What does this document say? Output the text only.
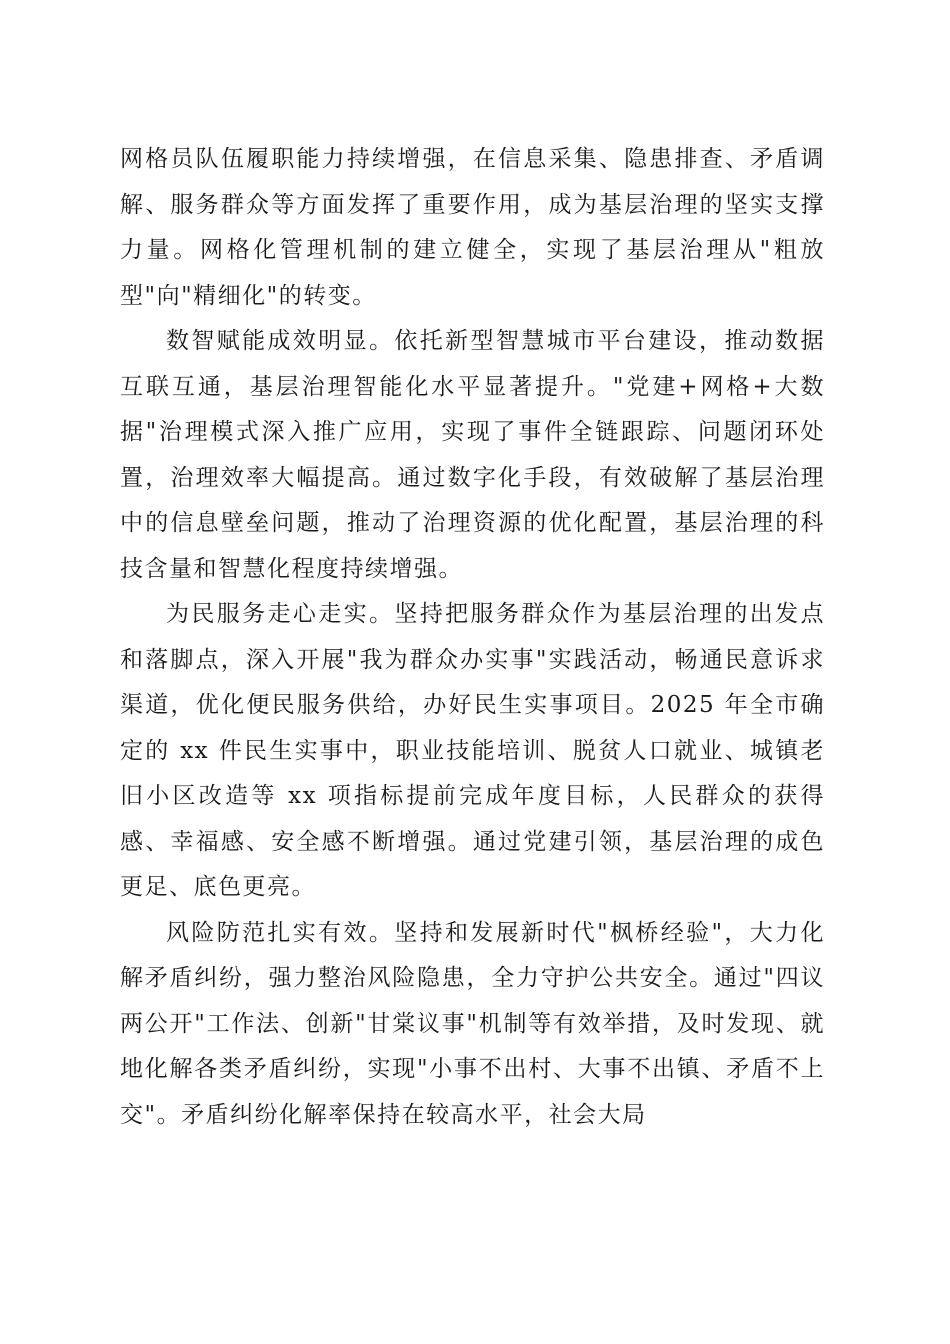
网格员队伍履职能力持续增强，在信息采集、隐患排查、矛盾调解、服务群众等方面发挥了重要作用，成为基层治理的坚实支撑力量。网格化管理机制的建立健全，实现了基层治理从"粗放型"向"精细化"的转变。

数智赋能成效明显。依托新型智慧城市平台建设，推动数据互联互通，基层治理智能化水平显著提升。"党建+网格+大数据"治理模式深入推广应用，实现了事件全链跟踪、问题闭环处置，治理效率大幅提高。通过数字化手段，有效破解了基层治理中的信息壁垒问题，推动了治理资源的优化配置，基层治理的科技含量和智慧化程度持续增强。

为民服务走心走实。坚持把服务群众作为基层治理的出发点和落脚点，深入开展"我为群众办实事"实践活动，畅通民意诉求渠道，优化便民服务供给，办好民生实事项目。2025 年全市确定的 xx 件民生实事中，职业技能培训、脱贫人口就业、城镇老旧小区改造等 xx 项指标提前完成年度目标，人民群众的获得感、幸福感、安全感不断增强。通过党建引领，基层治理的成色更足、底色更亮。

风险防范扎实有效。坚持和发展新时代"枫桥经验"，大力化解矛盾纠纷，强力整治风险隐患，全力守护公共安全。通过"四议两公开"工作法、创新"甘棠议事"机制等有效举措，及时发现、就地化解各类矛盾纠纷，实现"小事不出村、大事不出镇、矛盾不上交"。矛盾纠纷化解率保持在较高水平，社会大局
